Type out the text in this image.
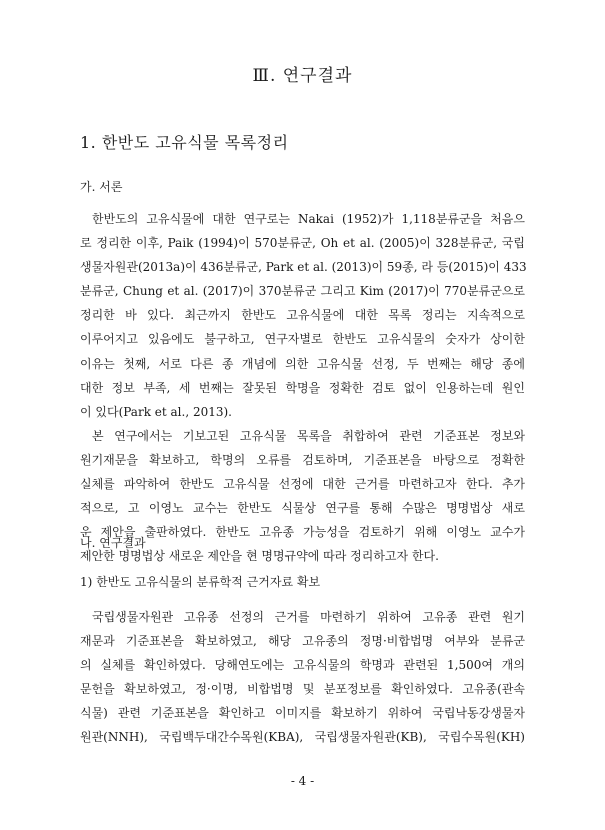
Ⅲ. 연구결과
1. 한반도 고유식물 목록정리
가. 서론
한반도의 고유식물에 대한 연구로는 Nakai (1952)가 1,118분류군을 처음으
로 정리한 이후, Paik (1994)이 570분류군, Oh et al. (2005)이 328분류군, 국립
생물자원관(2013a)이 436분류군, Park et al. (2013)이 59종, 라 등(2015)이 433
분류군, Chung et al. (2017)이 370분류군 그리고 Kim (2017)이 770분류군으로
정리한 바 있다. 최근까지 한반도 고유식물에 대한 목록 정리는 지속적으로
이루어지고 있음에도 불구하고, 연구자별로 한반도 고유식물의 숫자가 상이한
이유는 첫째, 서로 다른 종 개념에 의한 고유식물 선정, 두 번째는 해당 종에
대한 정보 부족, 세 번째는 잘못된 학명을 정확한 검토 없이 인용하는데 원인
이 있다(Park et al., 2013).
본 연구에서는 기보고된 고유식물 목록을 취합하여 관련 기준표본 정보와
원기재문을 확보하고, 학명의 오류를 검토하며, 기준표본을 바탕으로 정확한
실체를 파악하여 한반도 고유식물 선정에 대한 근거를 마련하고자 한다. 추가
적으로, 고 이영노 교수는 한반도 식물상 연구를 통해 수많은 명명법상 새로
운 제안을 출판하였다. 한반도 고유종 가능성을 검토하기 위해 이영노 교수가
제안한 명명법상 새로운 제안을 현 명명규약에 따라 정리하고자 한다.
나. 연구결과
1) 한반도 고유식물의 분류학적 근거자료 확보
국립생물자원관 고유종 선정의 근거를 마련하기 위하여 고유종 관련 원기
재문과 기준표본을 확보하였고, 해당 고유종의 정명·비합법명 여부와 분류군
의 실체를 확인하였다. 당해연도에는 고유식물의 학명과 관련된 1,500여 개의
문헌을 확보하였고, 정·이명, 비합법명 및 분포정보를 확인하였다. 고유종(관속
식물) 관련 기준표본을 확인하고 이미지를 확보하기 위하여 국립낙동강생물자
원관(NNH), 국립백두대간수목원(KBA), 국립생물자원관(KB), 국립수목원(KH)
- 4 -
